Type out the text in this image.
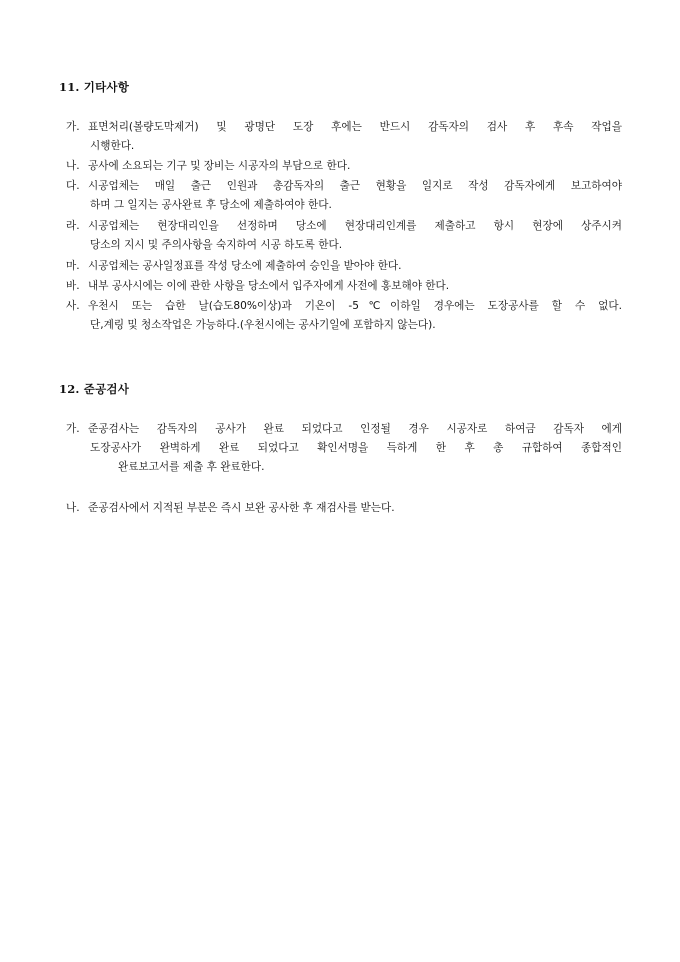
11. 기타사항
가. 표면처리(볼량도막제거) 및 광명단 도장 후에는 반드시 감독자의 검사 후 후속 작업을
시행한다.
나. 공사에 소요되는 기구 및 장비는 시공자의 부담으로 한다.
다. 시공업체는 매일 출근 인원과 총감독자의 출근 현황을 일지로 작성 감독자에게 보고하여야
하며 그 일지는 공사완료 후 당소에 제출하여야 한다.
라. 시공업체는 현장대리인을 선정하며 당소에 현장대리인계를 제출하고 항시 현장에 상주시켜
당소의 지시 및 주의사항을 숙지하여 시공 하도록 한다.
마. 시공업체는 공사일정표를 작성 당소에 제출하여 승인을 받아야 한다.
바. 내부 공사시에는 이에 관한 사항을 당소에서 입주자에게 사전에 홍보해야 한다.
사. 우천시 또는 습한 날(습도80%이상)과 기온이 -5℃이하일 경우에는 도장공사를 할 수 없다.
단,계링 및 청소작업은 가능하다.(우천시에는 공사기일에 포함하지 않는다).
12. 준공검사
가. 준공검사는 감독자의 공사가 완료 되었다고 인정될 경우 시공자로 하여금 감독자 에게
도장공사가 완벽하게 완료 되었다고 확인서명을 득하게 한 후 총 규합하여 종합적인
완료보고서를 제출 후 완료한다.
나. 준공검사에서 지적된 부분은 즉시 보완 공사한 후 재검사를 받는다.
